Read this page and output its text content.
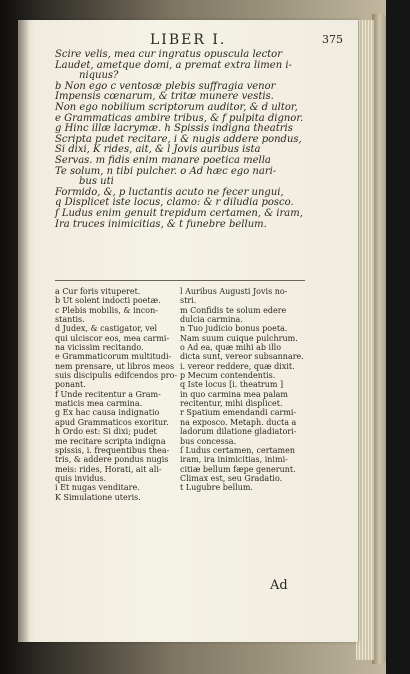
LIBER I.	375
Scire velis, mea cur ingratus opuscula lector
Laudet, ametque domi, a premat extra limen i-
niquus?
b Non ego c ventosæ plebis suffragia venor
Impensis cœnarum, & tritæ munere vestis.
Non ego nobilium scriptorum auditor, & d ultor,
e Grammaticas ambire tribus, & f pulpita dignor.
g Hinc illæ lacrymæ. h Spissis indigna theatris
Scripta pudet recitare, i & nugis addere pondus,
Si dixi, K rides, ait, & l Jovis auribus ista
Servas. m fidis enim manare poetica mella
Te solum, n tibi pulcher. o Ad hæc ego nari-
bus uti
Formido, &, p luctantis acuto ne fecer ungui,
q Displicet iste locus, clamo: & r diludia posco.
ſ Ludus enim genuit trepidum certamen, & iram,
Ira truces inimicitias, & t funebre bellum.
a Cur foris vituperet.
b Ut solent indocti poetæ.
c Plebis mobilis, & incon-
stantis.
d Judex, & castigator, vel
qui ulciscor eos, mea carmi-
na vicissim recitando.
e Grammaticorum multitudi-
nem prensare, ut libros meos
suis discipulis edifcendos pro-
ponant.
f Unde recitentur a Gram-
maticis mea carmina.
g Ex hac causa indignatio
apud Grammaticos exoritur.
h Ordo est: Si dixi; pudet
me recitare scripta indigna
spissis, i. frequentibus thea-
tris, & addere pondus nugis
meis: rides, Horati, ait ali-
quis invidus.
i Et nugas venditare.
K Simulatione uteris.
l Auribus Augusti Jovis no-
stri.
m Confidis te solum edere
dulcia carmina.
n Tuo judicio bonus poeta.
Nam suum cuique pulchrum.
o Ad ea, quæ mihi ab illo
dicta sunt, vereor subsannare.
i. vereor reddere, quæ dixit.
p Mecum contendentis.
q Iste locus [i. theatrum ]
in quo carmina mea palam
recitentur, mihi displicet.
r Spatium emendandi carmi-
na exposco. Metaph. ducta a
ladorum dilatione gladiatori-
bus concessa.
ſ Ludus certamen, certamen
iram, ira inimicitias, inimi-
citiæ bellum fæpe generunt.
Climax est, seu Gradatio.
t Lugubre bellum.
Ad
